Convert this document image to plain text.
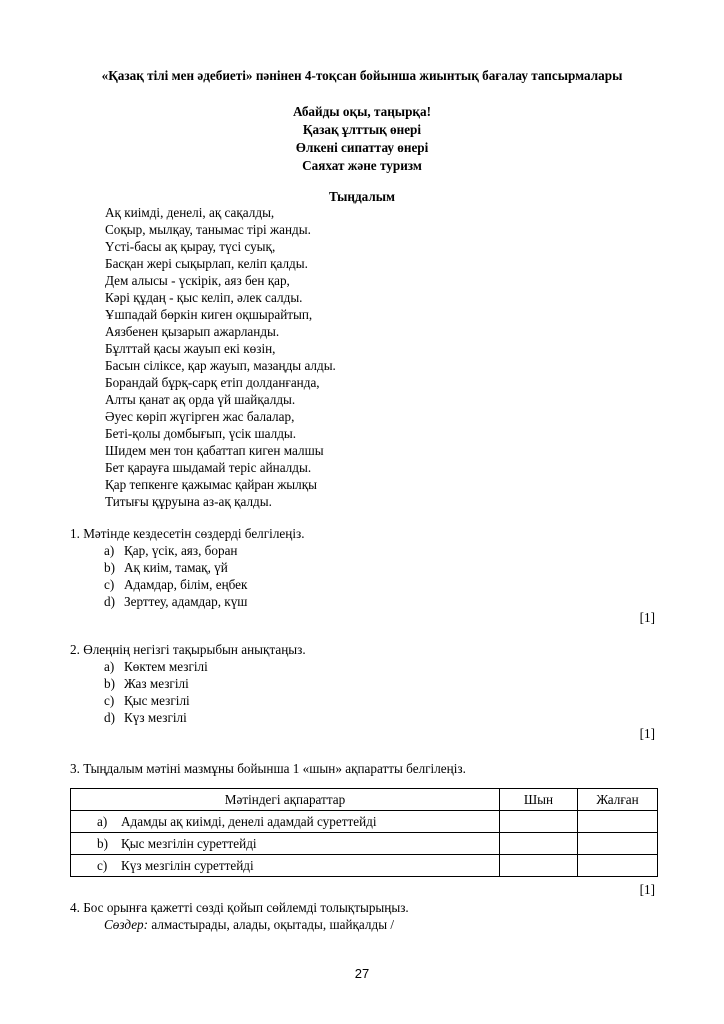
«Қазақ тілі мен әдебиеті» пәнінен 4-тоқсан бойынша жиынтық бағалау тапсырмалары
Абайды оқы, таңырқа!
Қазақ ұлттық өнері
Өлкені сипаттау өнері
Саяхат және туризм
Тыңдалым
Ақ киімді, денелі, ақ сақалды,
Соқыр, мылқау, танымас тірі жанды.
Үсті-басы ақ қырау, түсі суық,
Басқан жері сықырлап, келіп қалды.
Дем алысы - үскірік, аяз бен қар,
Кәрі құдаң - қыс келіп, әлек салды.
Ұшпадай бөркін киген оқшырайтып,
Аязбенен қызарып ажарланды.
Бұлттай қасы жауып екі көзін,
Басын сіліксе, қар жауып, мазаңды алды.
Борандай бұрқ-сарқ етіп долданғанда,
Алты қанат ақ орда үй шайқалды.
Әуес көріп жүгірген жас балалар,
Беті-қолы домбығып, үсік шалды.
Шидем мен тон қабаттап киген малшы
Бет қарауға шыдамай теріс айналды.
Қар тепкенге қажымас қайран жылқы
Титығы құруына аз-ақ қалды.
1. Мәтінде кездесетін сөздерді белгілеңіз.
a) Қар, үсік, аяз, боран
b) Ақ киім, тамақ, үй
c) Адамдар, білім, еңбек
d) Зерттеу, адамдар, күш
[1]
2. Өлеңнің негізгі тақырыбын анықтаңыз.
a) Көктем мезгілі
b) Жаз мезгілі
c) Қыс мезгілі
d) Күз мезгілі
[1]
3. Тыңдалым мәтіні мазмұны бойынша 1 «шын» ақпаратты белгілеңіз.
Мәтіндегі ақпараттар	Шын	Жалған
a) Адамды ақ киімді, денелі адамдай суреттейді		
b) Қыс мезгілін суреттейді		
c) Күз мезгілін суреттейді		
[1]
4. Бос орынға қажетті сөзді қойып сөйлемді толықтырыңыз.
Сөздер: алмастырады, алады, оқытады, шайқалды /
27
